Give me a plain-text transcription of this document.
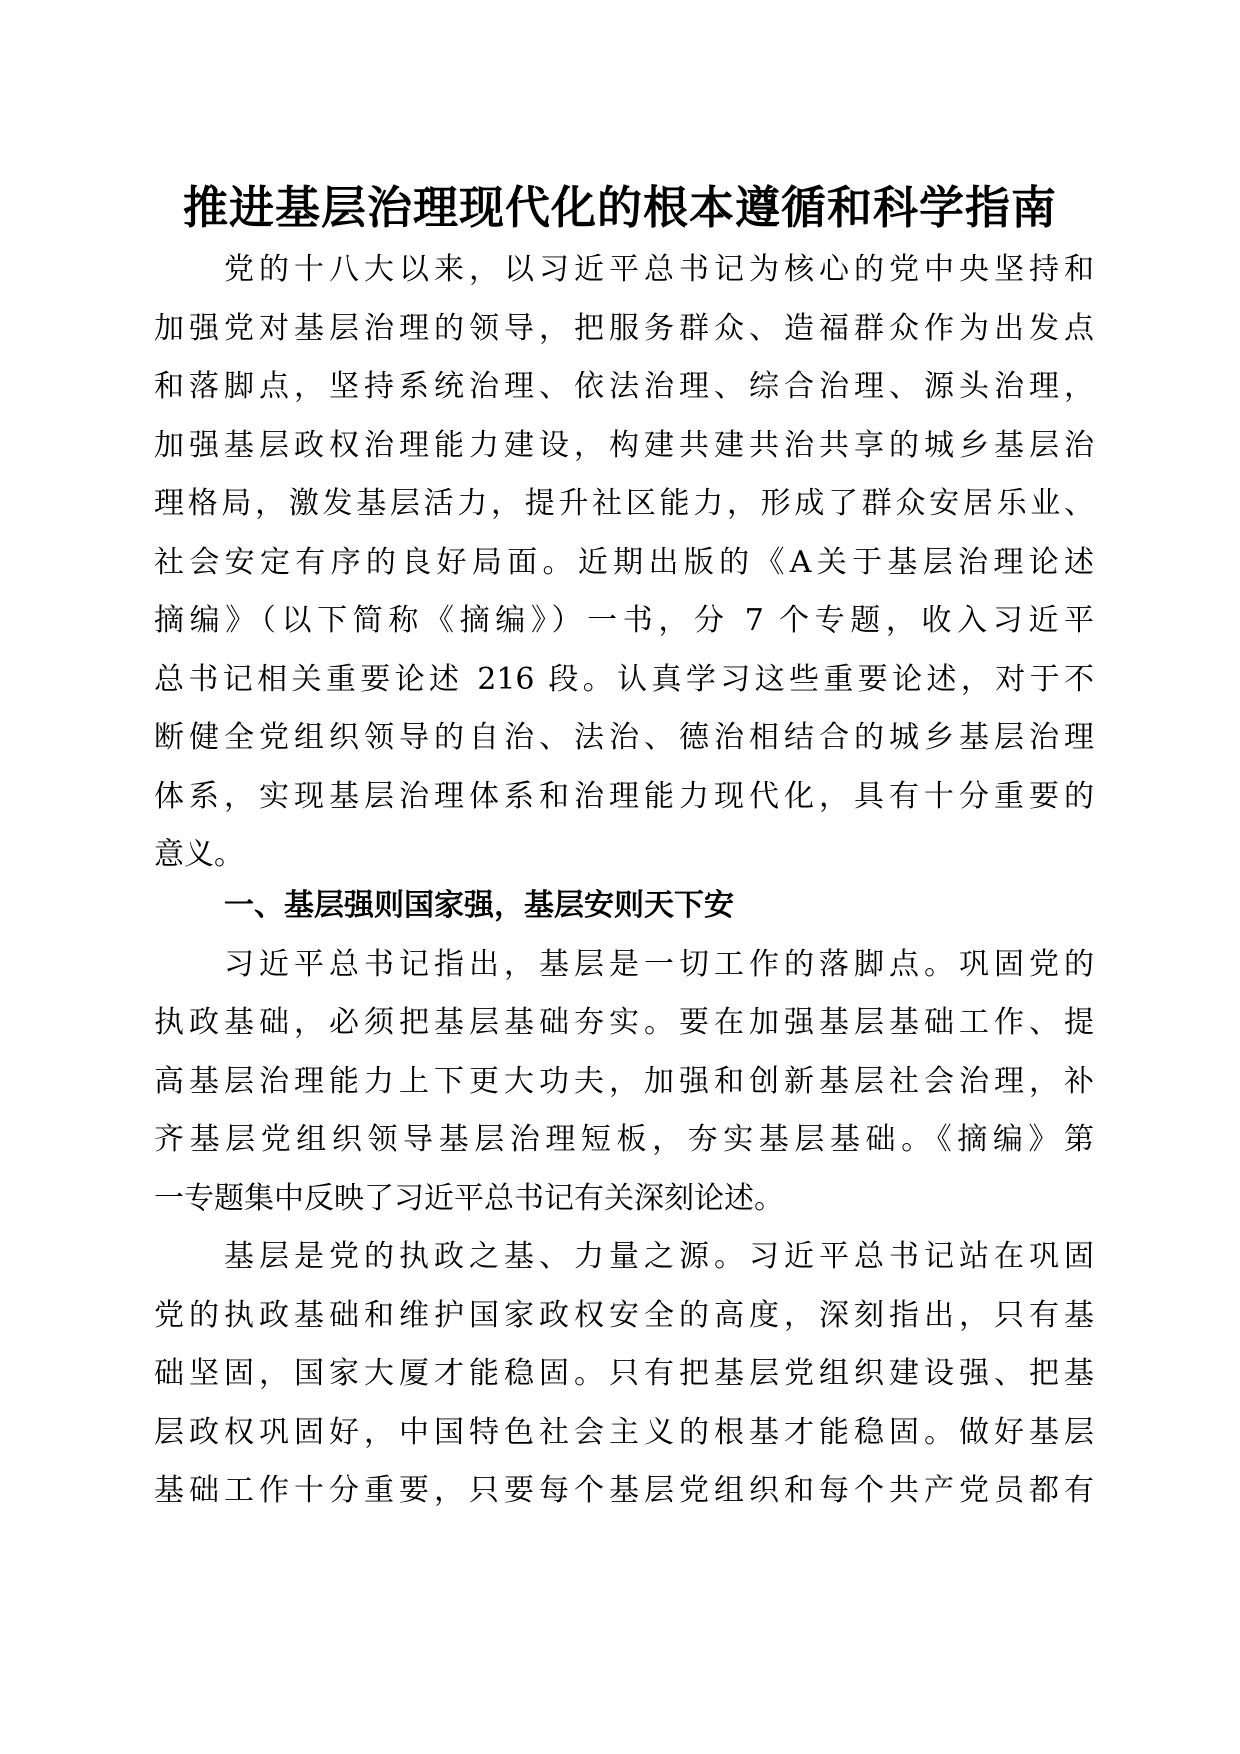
推进基层治理现代化的根本遵循和科学指南
党的十八大以来，以习近平总书记为核心的党中央坚持和
加强党对基层治理的领导，把服务群众、造福群众作为出发点
和落脚点，坚持系统治理、依法治理、综合治理、源头治理，
加强基层政权治理能力建设，构建共建共治共享的城乡基层治
理格局，激发基层活力，提升社区能力，形成了群众安居乐业、
社会安定有序的良好局面。近期出版的《A关于基层治理论述
摘编》（以下简称《摘编》）一书，分 7 个专题，收入习近平
总书记相关重要论述 216 段。认真学习这些重要论述，对于不
断健全党组织领导的自治、法治、德治相结合的城乡基层治理
体系，实现基层治理体系和治理能力现代化，具有十分重要的
意义。
一、基层强则国家强，基层安则天下安
习近平总书记指出，基层是一切工作的落脚点。巩固党的
执政基础，必须把基层基础夯实。要在加强基层基础工作、提
高基层治理能力上下更大功夫，加强和创新基层社会治理，补
齐基层党组织领导基层治理短板，夯实基层基础。《摘编》第
一专题集中反映了习近平总书记有关深刻论述。
基层是党的执政之基、力量之源。习近平总书记站在巩固
党的执政基础和维护国家政权安全的高度，深刻指出，只有基
础坚固，国家大厦才能稳固。只有把基层党组织建设强、把基
层政权巩固好，中国特色社会主义的根基才能稳固。做好基层
基础工作十分重要，只要每个基层党组织和每个共产党员都有
